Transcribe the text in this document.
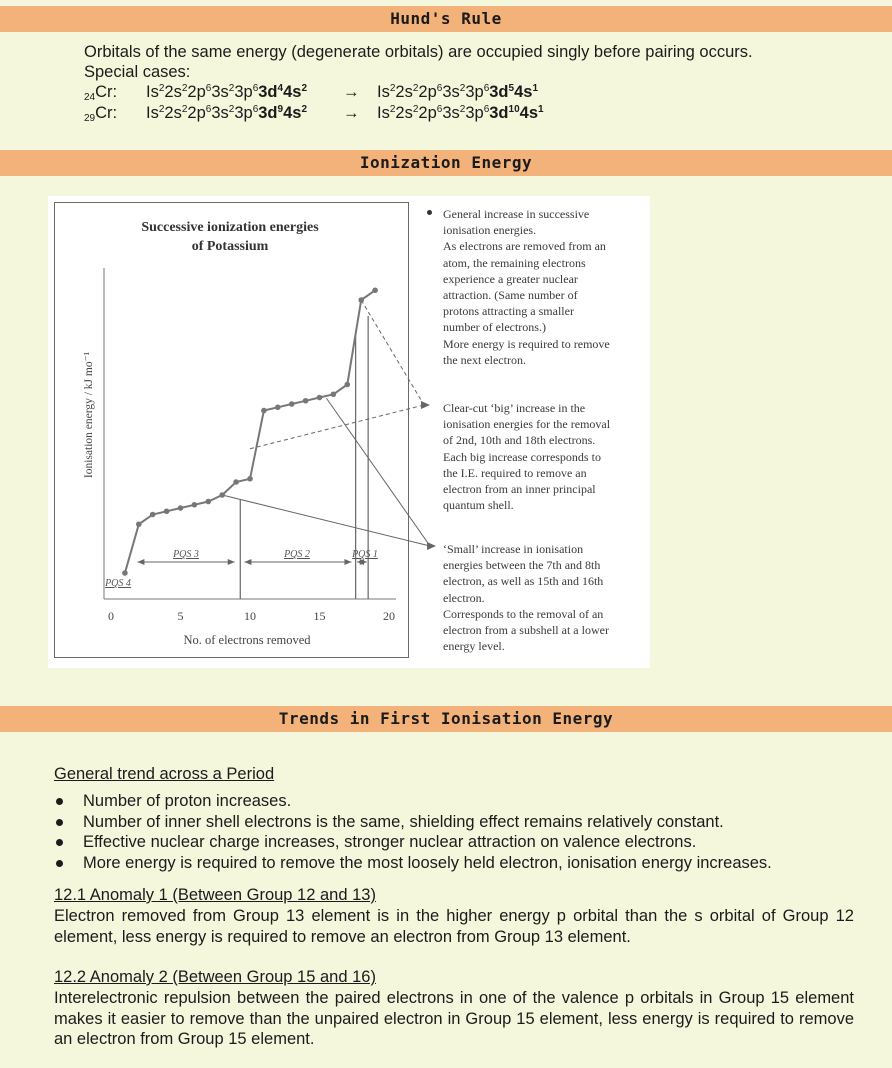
Hund's Rule

Orbitals of the same energy (degenerate orbitals) are occupied singly before pairing occurs.

Special cases:

$_{24}$Cr: $Is^22s^22p^63s^23p^63d^44s^2 \to Is^22s^22p^63s^23p^63d^54s^1$
$_{29}$Cr: $Is^22s^22p^63s^23p^63d^94s^2 \to Is^22s^22p^63s^23p^63d^{10}4s^1$
Ionization Energy
Successive ionization energies
of Potassium
Ionisation energy / kJ mo⁻¹
No. of electrons removed
PQS 4
PQS 3	PQS 2	PQS 1
0	5	10	15	20

General increase in successive
ionisation energies.
As electrons are removed from an
atom, the remaining electrons
experience a greater nuclear
attraction. (Same number of
protons attracting a smaller
number of electrons.)
More energy is required to remove
the next electron.

Clear-cut ‘big’ increase in the
ionisation energies for the removal
of 2nd, 10th and 18th electrons.
Each big increase corresponds to
the I.E. required to remove an
electron from an inner principal
quantum shell.

‘Small’ increase in ionisation
energies between the 7th and 8th
electron, as well as 15th and 16th
electron.
Corresponds to the removal of an
electron from a subshell at a lower
energy level.

Trends in First Ionisation Energy

General trend across a Period

Number of proton increases.
Number of inner shell electrons is the same, shielding effect remains relatively constant.
Effective nuclear charge increases, stronger nuclear attraction on valence electrons.
More energy is required to remove the most loosely held electron, ionisation energy increases.

12.1 Anomaly 1 (Between Group 12 and 13)

Electron removed from Group 13 element is in the higher energy p orbital than the s orbital of Group 12 element, less energy is required to remove an electron from Group 13 element.

12.2 Anomaly 2 (Between Group 15 and 16)

Interelectronic repulsion between the paired electrons in one of the valence p orbitals in Group 15 element makes it easier to remove than the unpaired electron in Group 15 element, less energy is required to remove an electron from Group 15 element.
